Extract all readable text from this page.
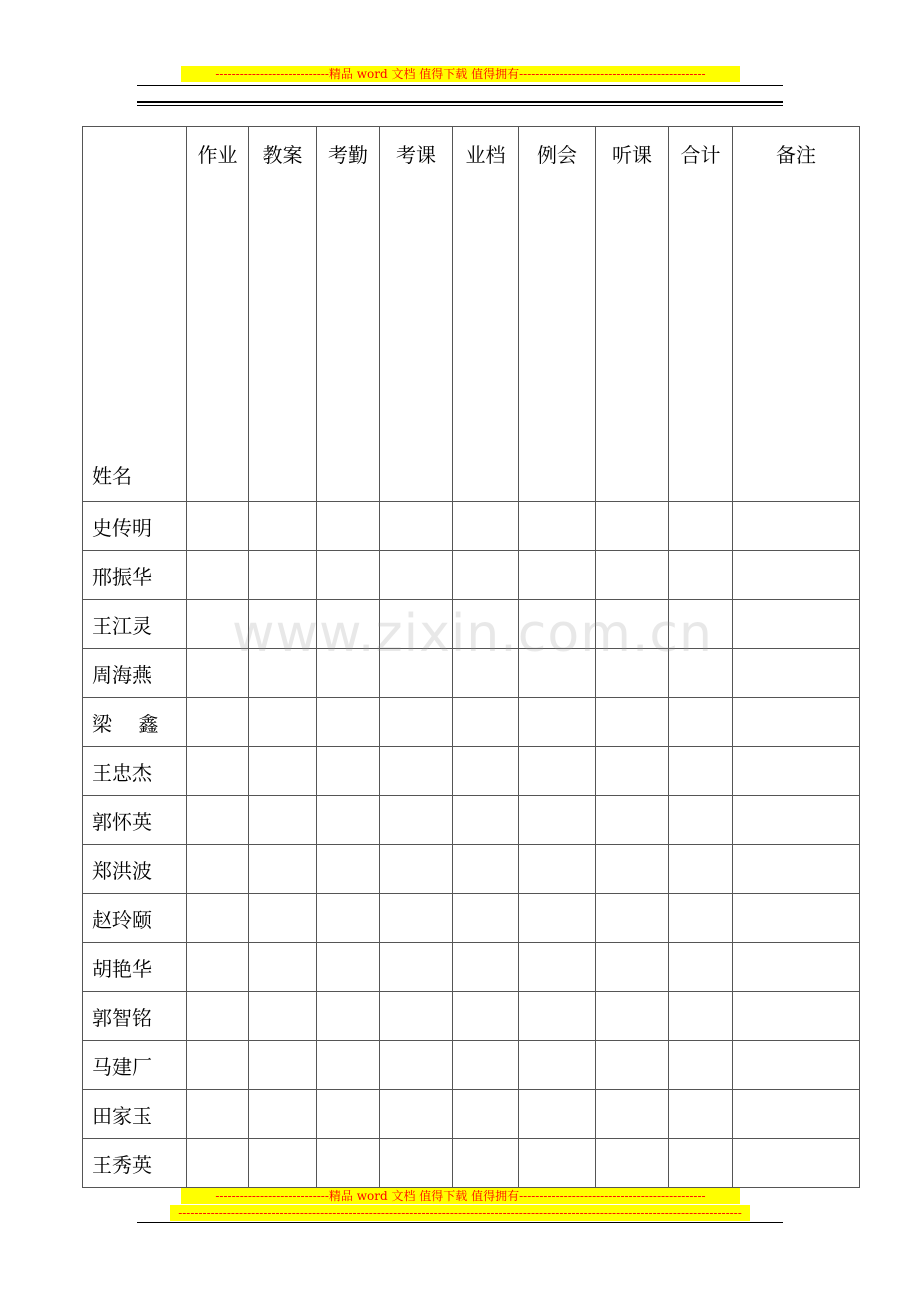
----------------------------精品 word 文档 值得下载 值得拥有----------------------------------------------
姓名	作业	教案	考勤	考课	业档	例会	听课	合计	备注
史传明									
邢振华									
王江灵									
周海燕									
梁　 鑫									
王忠杰									
郭怀英									
郑洪波									
赵玲颐									
胡艳华									
郭智铭									
马建厂									
田家玉									
王秀英									
www.zixin.com.cn
----------------------------精品 word 文档 值得下载 值得拥有----------------------------------------------
-------------------------------------------------------------------------------------------------------------------------------------------
